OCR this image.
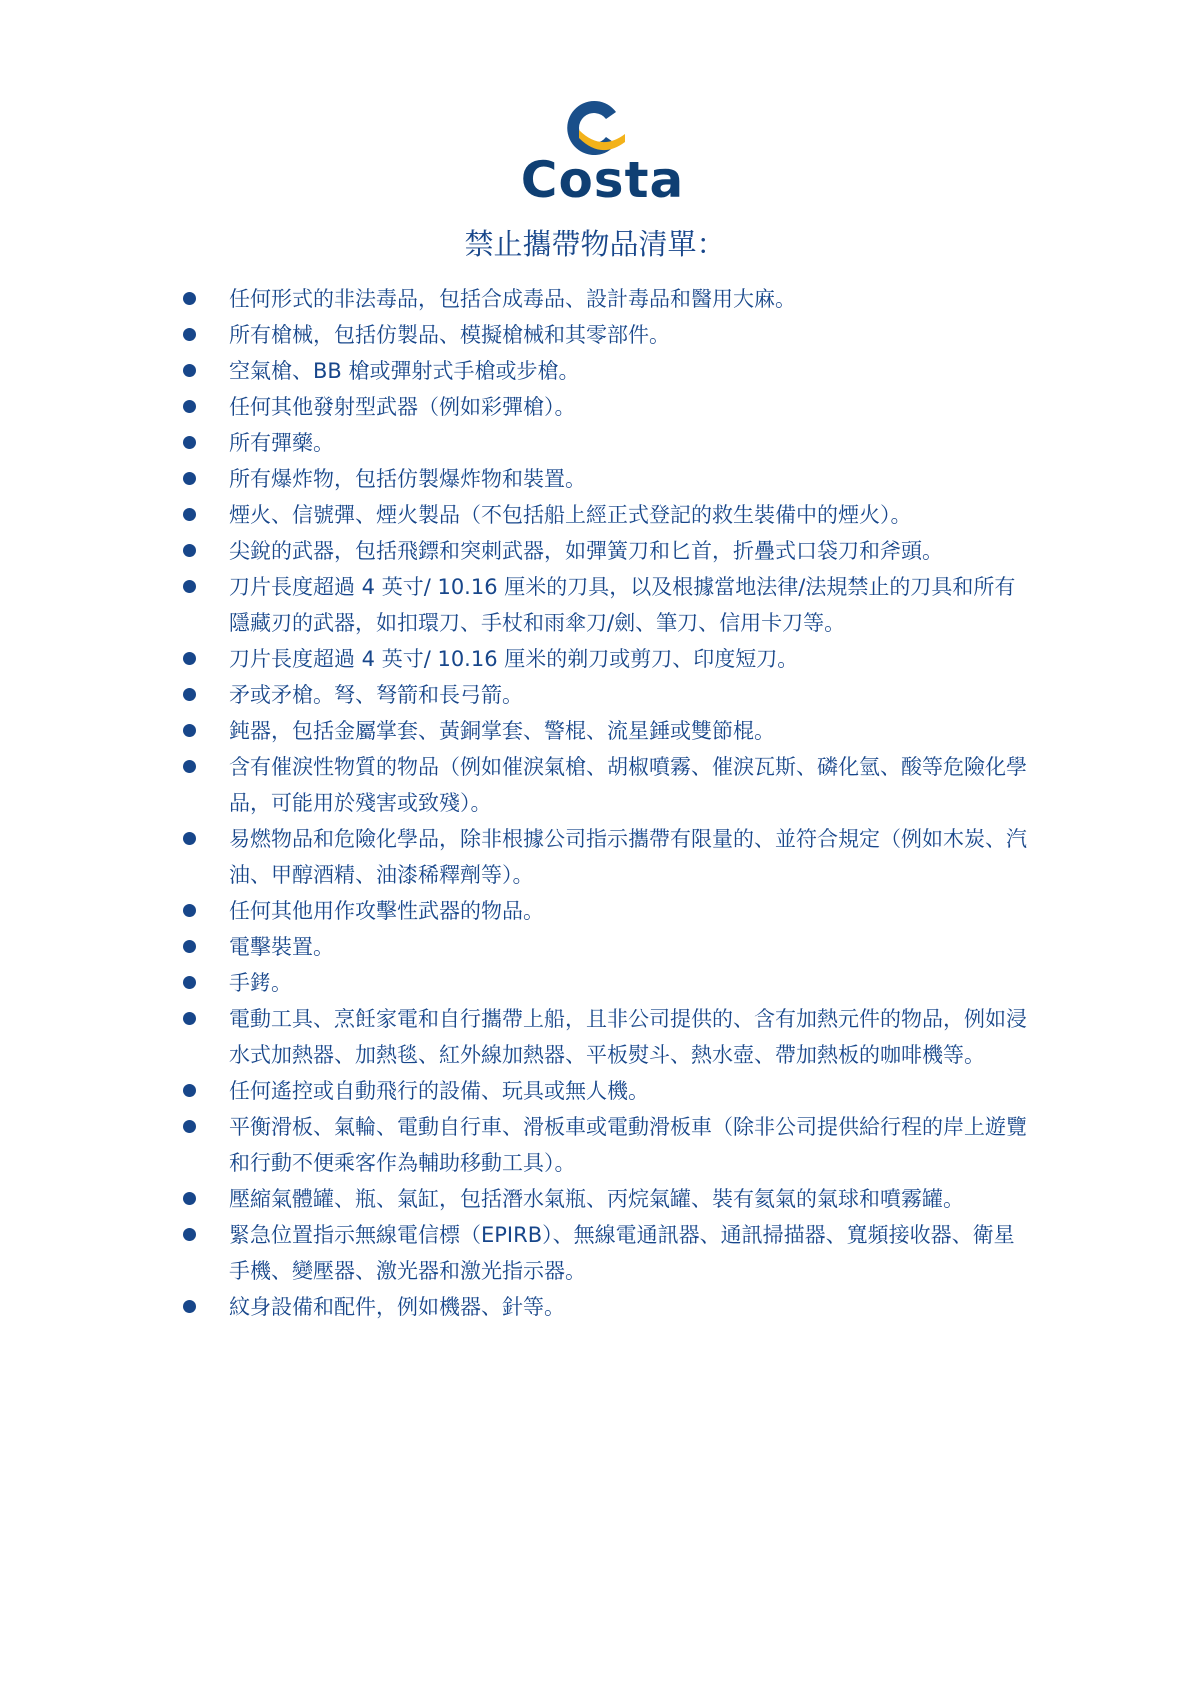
Costa
禁止攜帶物品清單：
任何形式的非法毒品，包括合成毒品、設計毒品和醫用大麻。
所有槍械，包括仿製品、模擬槍械和其零部件。
空氣槍、BB 槍或彈射式手槍或步槍。
任何其他發射型武器（例如彩彈槍）。
所有彈藥。
所有爆炸物，包括仿製爆炸物和裝置。
煙火、信號彈、煙火製品（不包括船上經正式登記的救生裝備中的煙火）。
尖銳的武器，包括飛鏢和突刺武器，如彈簧刀和匕首，折疊式口袋刀和斧頭。
刀片長度超過 4 英寸/ 10.16 厘米的刀具，以及根據當地法律/法規禁止的刀具和所有隱藏刃的武器，如扣環刀、手杖和雨傘刀/劍、筆刀、信用卡刀等。
刀片長度超過 4 英寸/ 10.16 厘米的剃刀或剪刀、印度短刀。
矛或矛槍。弩、弩箭和長弓箭。
鈍器，包括金屬掌套、黃銅掌套、警棍、流星錘或雙節棍。
含有催淚性物質的物品（例如催淚氣槍、胡椒噴霧、催淚瓦斯、磷化氫、酸等危險化學品，可能用於殘害或致殘）。
易燃物品和危險化學品，除非根據公司指示攜帶有限量的、並符合規定（例如木炭、汽油、甲醇酒精、油漆稀釋劑等）。
任何其他用作攻擊性武器的物品。
電擊裝置。
手銬。
電動工具、烹飪家電和自行攜帶上船，且非公司提供的、含有加熱元件的物品，例如浸水式加熱器、加熱毯、紅外線加熱器、平板熨斗、熱水壺、帶加熱板的咖啡機等。
任何遙控或自動飛行的設備、玩具或無人機。
平衡滑板、氣輪、電動自行車、滑板車或電動滑板車（除非公司提供給行程的岸上遊覽和行動不便乘客作為輔助移動工具）。
壓縮氣體罐、瓶、氣缸，包括潛水氣瓶、丙烷氣罐、裝有氦氣的氣球和噴霧罐。
緊急位置指示無線電信標（EPIRB）、無線電通訊器、通訊掃描器、寬頻接收器、衛星手機、變壓器、激光器和激光指示器。
紋身設備和配件，例如機器、針等。
